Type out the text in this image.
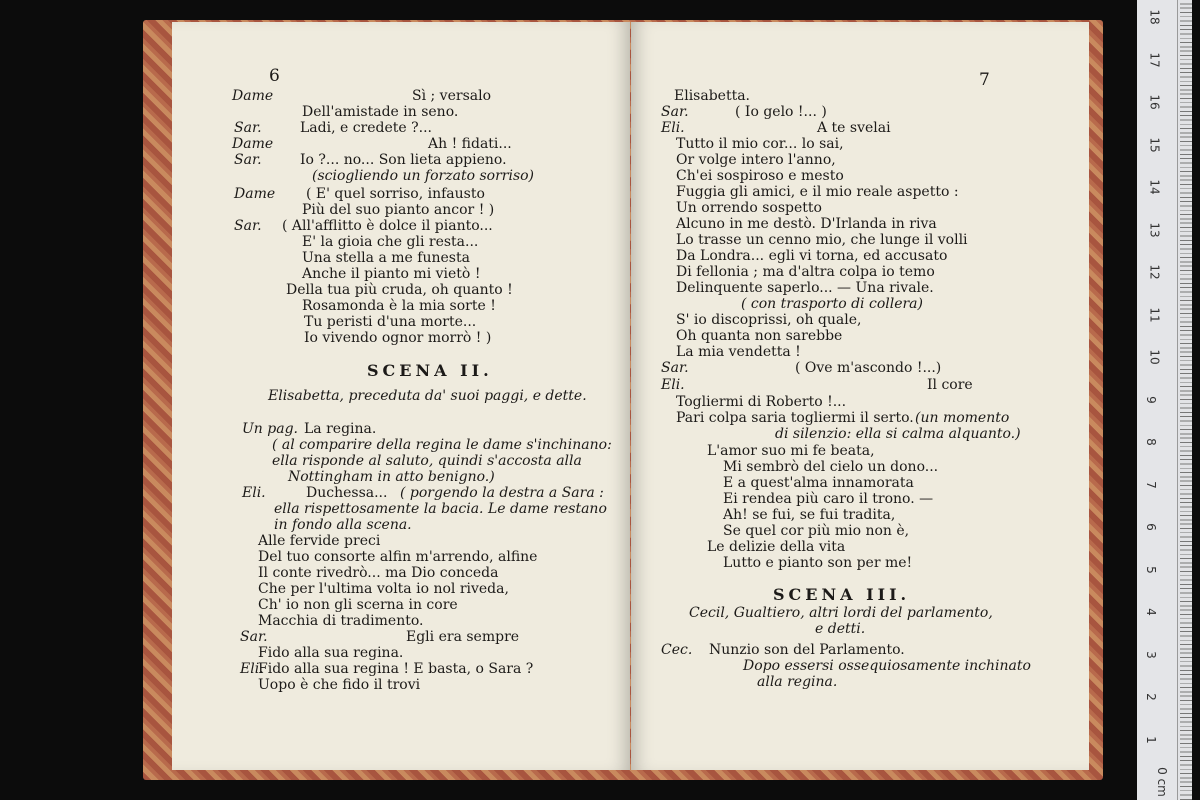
6
Dame	Sì ; versalo
Dell'amistade in seno.
Sar.	Ladi, e credete ?...
Dame	Ah ! fidati...
Sar.	Io ?... no... Son lieta appieno.
(sciogliendo un forzato sorriso)
Dame ( E' quel sorriso, infausto
Più del suo pianto ancor ! )
Sar. ( All'afflitto è dolce il pianto...
E' la gioia che gli resta...
Una stella a me funesta
Anche il pianto mi vietò !
Della tua più cruda, oh quanto !
Rosamonda è la mia sorte !
Tu peristi d'una morte...
Io vivendo ognor morrò ! )
SCENA II.
Elisabetta, preceduta da' suoi paggi, e dette.
Un pag. La regina.
( al comparire della regina le dame s'inchinano:
ella risponde al saluto, quindi s'accosta alla
Nottingham in atto benigno.)
Eli.	Duchessa... ( porgendo la destra a Sara :
ella rispettosamente la bacia. Le dame restano
in fondo alla scena.
Alle fervide preci
Del tuo consorte alfin m'arrendo, alfine
Il conte rivedrò... ma Dio conceda
Che per l'ultima volta io nol riveda,
Ch' io non gli scerna in core
Macchia di tradimento.
Sar.	Egli era sempre
Fido alla sua regina.
Eli.
Fido alla sua regina ! E basta, o Sara ?
Uopo è che fido il trovi
7
Elisabetta.
Sar.	( Io gelo !... )
Eli.	A te svelai
Tutto il mio cor... lo sai,
Or volge intero l'anno,
Ch'ei sospiroso e mesto
Fuggia gli amici, e il mio reale aspetto :
Un orrendo sospetto
Alcuno in me destò. D'Irlanda in riva
Lo trasse un cenno mio, che lunge il volli
Da Londra... egli vi torna, ed accusato
Di fellonia ; ma d'altra colpa io temo
Delinquente saperlo... — Una rivale.
( con trasporto di collera)
S' io discoprissi, oh quale,
Oh quanta non sarebbe
La mia vendetta !
Sar.	( Ove m'ascondo !...)
Eli.	Il core
Togliermi di Roberto !...
Pari colpa saria togliermi il serto. (un momento
di silenzio: ella si calma alquanto.)
L'amor suo mi fe beata,
Mi sembrò del cielo un dono...
E a quest'alma innamorata
Ei rendea più caro il trono. —
Ah! se fui, se fui tradita,
Se quel cor più mio non è,
Le delizie della vita
Lutto e pianto son per me!
SCENA III.
Cecil, Gualtiero, altri lordi del parlamento,
e detti.
Cec. Nunzio son del Parlamento.
Dopo essersi ossequiosamente inchinato
alla regina.
18
17
16
15
14
13
12
11
10
9
8
7
6
5
4
3
2
1
0 cm
